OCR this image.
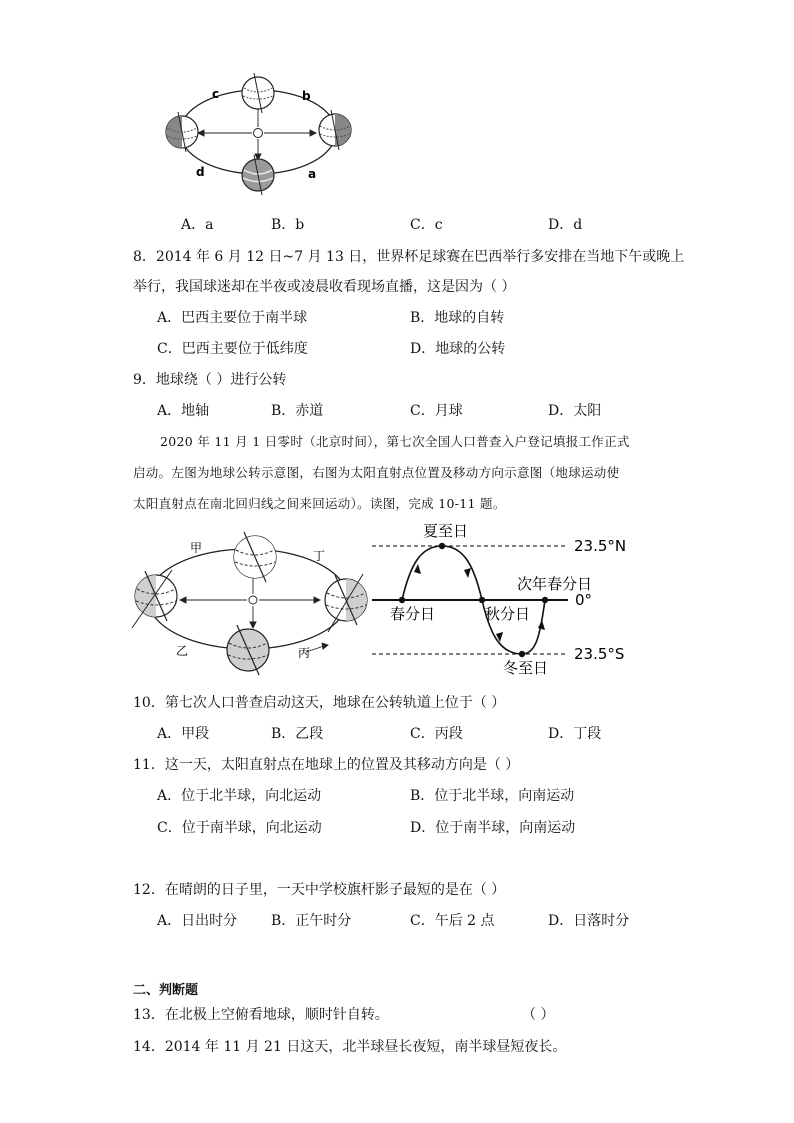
c	b
d	a
A．a	B．b	C．c	D．d
8．2014 年 6 月 12 日~7 月 13 日，世界杯足球赛在巴西举行多安排在当地下午或晚上
举行，我国球迷却在半夜或凌晨收看现场直播，这是因为（ ）
A．巴西主要位于南半球	B．地球的自转
C．巴西主要位于低纬度	D．地球的公转
9．地球绕（ ）进行公转
A．地轴	B．赤道	C．月球	D．太阳
2020 年 11 月 1 日零时（北京时间），第七次全国人口普查入户登记填报工作正式
启动。左图为地球公转示意图，右图为太阳直射点位置及移动方向示意图（地球运动使
太阳直射点在南北回归线之间来回运动）。读图，完成 10-11 题。
甲
丁
乙	丙
夏至日
冬至日
春分日	秋分日
次年春分日
23.5°N
23.5°S
0°
10．第七次人口普查启动这天，地球在公转轨道上位于（ ）
A．甲段	B．乙段	C．丙段	D．丁段
11．这一天，太阳直射点在地球上的位置及其移动方向是（ ）
A．位于北半球，向北运动	B．位于北半球，向南运动
C．位于南半球，向北运动	D．位于南半球，向南运动
12．在晴朗的日子里，一天中学校旗杆影子最短的是在（ ）
A．日出时分 B．正午时分	C．午后 2 点	D．日落时分
二、判断题
13．在北极上空俯看地球，顺时针自转。	（ ）
14．2014 年 11 月 21 日这天，北半球昼长夜短，南半球昼短夜长。
